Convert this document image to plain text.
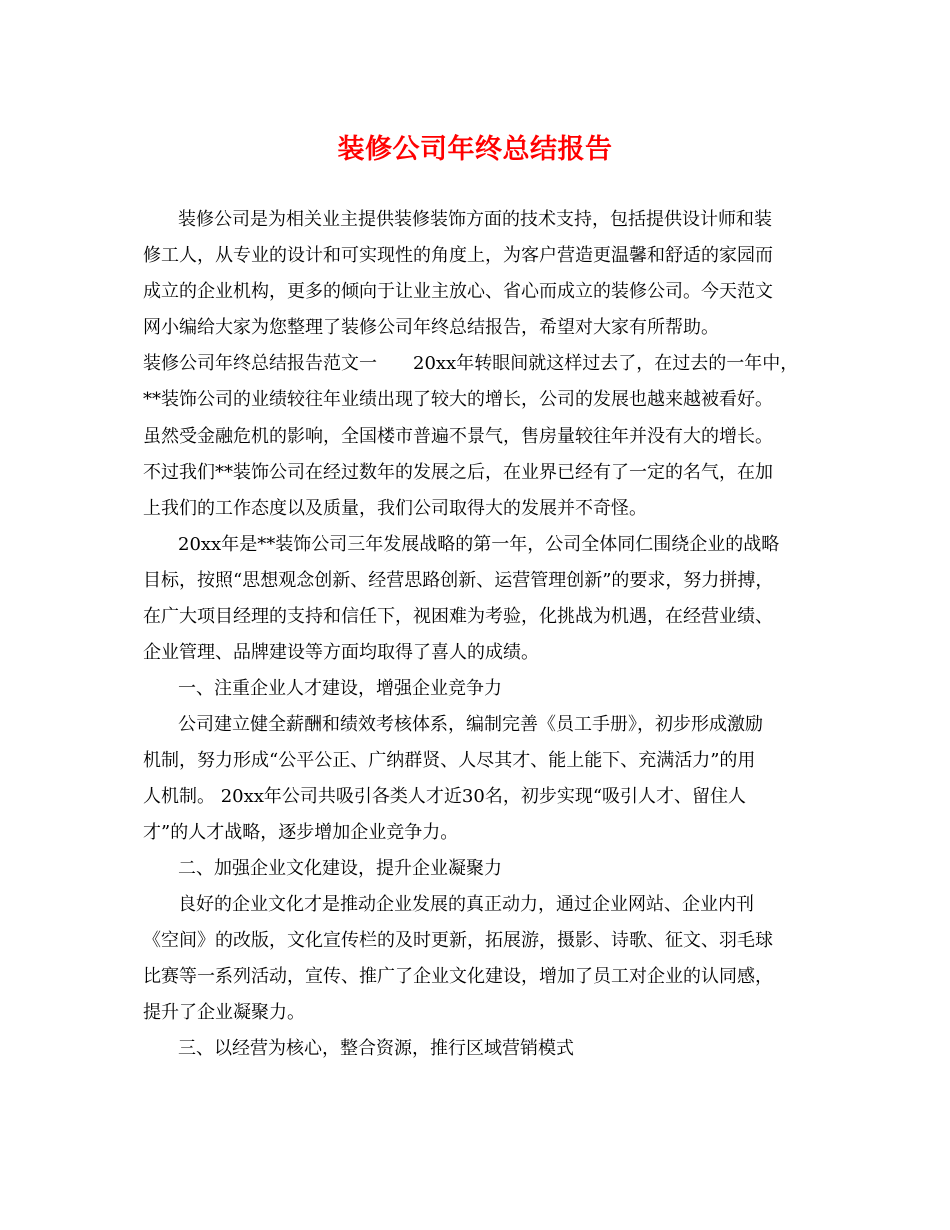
装修公司年终总结报告
装修公司是为相关业主提供装修装饰方面的技术支持，包括提供设计师和装
修工人，从专业的设计和可实现性的角度上，为客户营造更温馨和舒适的家园而
成立的企业机构，更多的倾向于让业主放心、省心而成立的装修公司。今天范文
网小编给大家为您整理了装修公司年终总结报告，希望对大家有所帮助。
装修公司年终总结报告范文一　　20xx年转眼间就这样过去了，在过去的一年中，
**装饰公司的业绩较往年业绩出现了较大的增长，公司的发展也越来越被看好。
虽然受金融危机的影响，全国楼市普遍不景气，售房量较往年并没有大的增长。
不过我们**装饰公司在经过数年的发展之后，在业界已经有了一定的名气，在加
上我们的工作态度以及质量，我们公司取得大的发展并不奇怪。
20xx年是**装饰公司三年发展战略的第一年，公司全体同仁围绕企业的战略
目标，按照“思想观念创新、经营思路创新、运营管理创新”的要求，努力拼搏，
在广大项目经理的支持和信任下，视困难为考验，化挑战为机遇，在经营业绩、
企业管理、品牌建设等方面均取得了喜人的成绩。
一、注重企业人才建设，增强企业竞争力
公司建立健全薪酬和绩效考核体系，编制完善《员工手册》，初步形成激励
机制，努力形成“公平公正、广纳群贤、人尽其才、能上能下、充满活力”的用
人机制。 20xx年公司共吸引各类人才近30名，初步实现“吸引人才、留住人
才”的人才战略，逐步增加企业竞争力。
二、加强企业文化建设，提升企业凝聚力
良好的企业文化才是推动企业发展的真正动力，通过企业网站、企业内刊
《空间》的改版，文化宣传栏的及时更新，拓展游，摄影、诗歌、征文、羽毛球
比赛等一系列活动，宣传、推广了企业文化建设，增加了员工对企业的认同感，
提升了企业凝聚力。
三、以经营为核心，整合资源，推行区域营销模式
